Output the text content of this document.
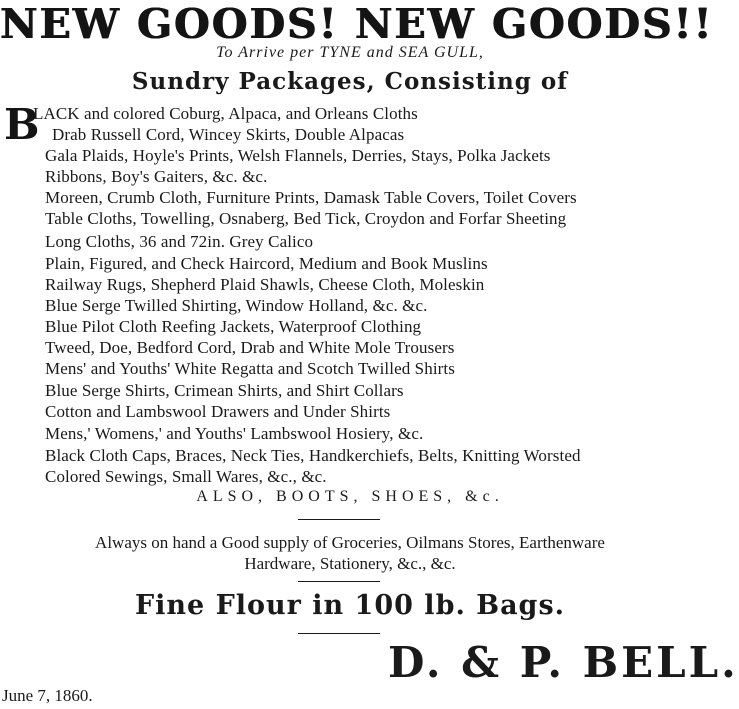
NEW GOODS! NEW GOODS!!
To Arrive per TYNE and SEA GULL,
Sundry Packages, Consisting of
B
LACK and colored Coburg, Alpaca, and Orleans Cloths
Drab Russell Cord, Wincey Skirts, Double Alpacas
Gala Plaids, Hoyle's Prints, Welsh Flannels, Derries, Stays, Polka Jackets
Ribbons, Boy's Gaiters, &c. &c.
Moreen, Crumb Cloth, Furniture Prints, Damask Table Covers, Toilet Covers
Table Cloths, Towelling, Osnaberg, Bed Tick, Croydon and Forfar Sheeting
Long Cloths, 36 and 72in. Grey Calico
Plain, Figured, and Check Haircord, Medium and Book Muslins
Railway Rugs, Shepherd Plaid Shawls, Cheese Cloth, Moleskin
Blue Serge Twilled Shirting, Window Holland, &c. &c.
Blue Pilot Cloth Reefing Jackets, Waterproof Clothing
Tweed, Doe, Bedford Cord, Drab and White Mole Trousers
Mens' and Youths' White Regatta and Scotch Twilled Shirts
Blue Serge Shirts, Crimean Shirts, and Shirt Collars
Cotton and Lambswool Drawers and Under Shirts
Mens,' Womens,' and Youths' Lambswool Hosiery, &c.
Black Cloth Caps, Braces, Neck Ties, Handkerchiefs, Belts, Knitting Worsted
Colored Sewings, Small Wares, &c., &c.
ALSO, BOOTS, SHOES, &c.
Always on hand a Good supply of Groceries, Oilmans Stores, Earthenware
Hardware, Stationery, &c., &c.
Fine Flour in 100 lb. Bags.
D. & P. BELL.
June 7, 1860.
